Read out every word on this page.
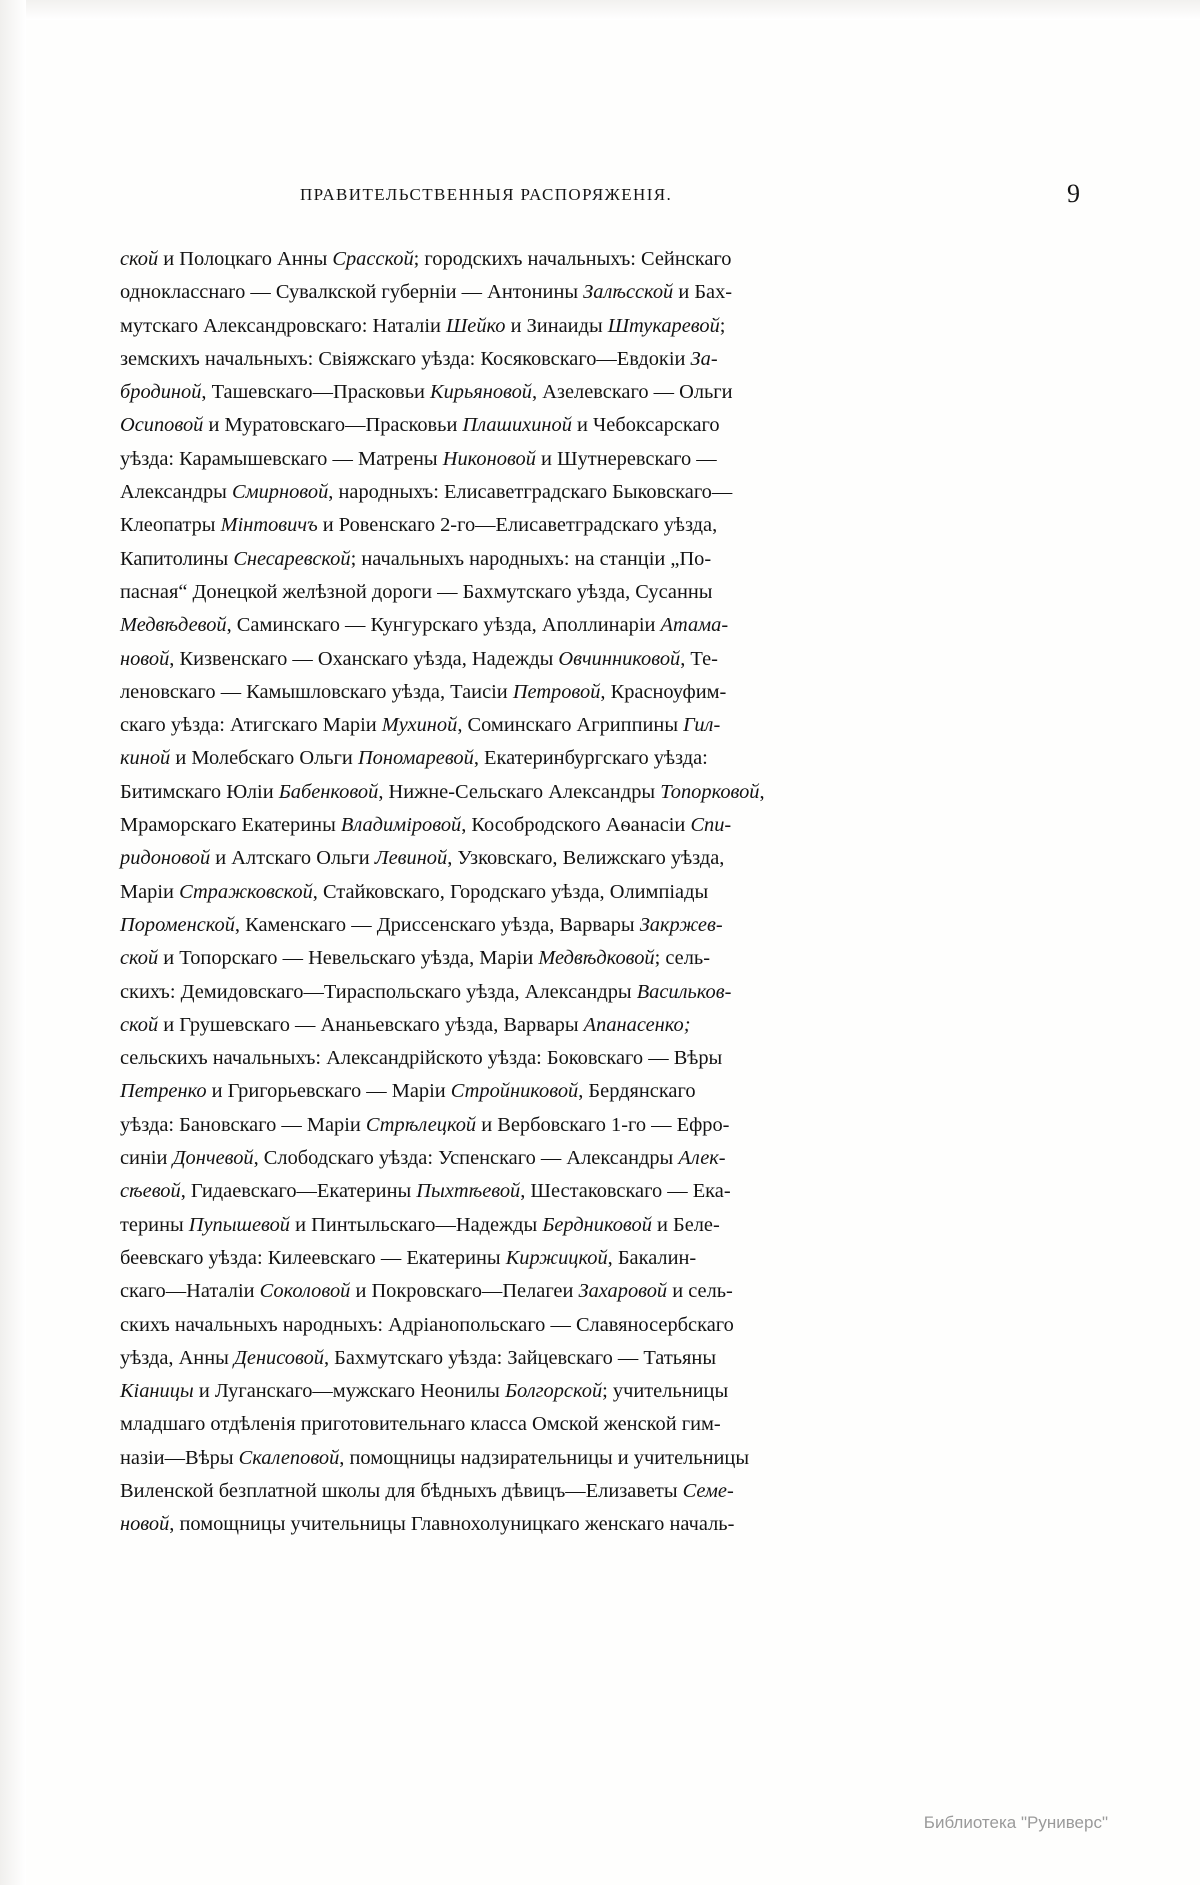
ПРАВИТЕЛЬСТВЕННЫЯ РАСПОРЯЖЕНІЯ.	9
ской и Полоцкаго Анны Срасской; городскихъ начальныхъ: Сейнскаго
одноклacснaro — Сувалкской губерніи — Антонины Залѣсской и Бах-
мутскаго Александровскаго: Наталіи Шейко и Зинаиды Штукаревой;
земскихъ начальныхъ: Свіяжскаго уѣзда: Косяковскаго—Евдокіи За-
бродиной, Ташевскаго—Прасковьи Кирьяновой, Азелевскаго — Ольги
Осиповой и Муратовскаго—Прасковьи Плашихиной и Чебоксарскаго
уѣзда: Карамышевскаго — Матрены Никоновой и Шутнеревскаго —
Александры Смирновой, народныхъ: Елисаветградскаго Быковскаго—
Клеопатры Мінтовичъ и Ровенскаго 2-го—Елисаветградскаго уѣзда,
Капитолины Снесаревской; начальныхъ народныхъ: на станціи „По-
пасная“ Донецкой желѣзной дороги — Бахмутскаго уѣзда, Сусанны
Медвѣдевой, Саминскаго — Кунгурскаго уѣзда, Аполлинаріи Атама-
новой, Кизвенскаго — Оханскаго уѣзда, Надежды Овчинниковой, Те-
леновскаго — Камышловскаго уѣзда, Таисіи Петровой, Красноуфим-
скаго уѣзда: Атигскаго Маріи Мухиной, Соминскаго Агриппины Гил-
киной и Молебскаго Ольги Пономаревой, Екатеринбургскаго уѣзда:
Битимскаго Юліи Бабенковой, Нижне-Сельскаго Александры Топорковой,
Мраморскаго Екатерины Владиміровой, Кособродского Аѳанасіи Спи-
ридоновой и Алтскаго Ольги Левиной, Узковскаго, Велижскаго уѣзда,
Маріи Стражковской, Стайковскаго, Городскаго уѣзда, Олимпіады
Пороменской, Каменскаго — Дриссенскаго уѣзда, Варвары Закржев-
ской и Топорскаго — Невельскаго уѣзда, Маріи Медвѣдковой; сель-
скихъ: Демидовскаго—Тираспольскаго уѣзда, Александры Васильков-
ской и Грушевскаго — Ананьевскаго уѣзда, Варвары Апанасенко;
сельскихъ начальныхъ: Александрійското уѣзда: Боковскаго — Вѣры
Петренко и Григорьевскаго — Маріи Стройниковой, Бердянскаго
уѣзда: Бановскаго — Маріи Стрѣлецкой и Вербовскаго 1-го — Ефро-
синіи Дончевой, Слободскаго уѣзда: Успенскаго — Александры Алек-
сѣевой, Гидаевскаго—Екатерины Пыхтѣевой, Шестаковскаго — Ека-
терины Пупышевой и Пинтыльскаго—Надежды Бердниковой и Беле-
беевскаго уѣзда: Килеевскаго — Екатерины Киржицкой, Бакалин-
скаго—Наталіи Соколовой и Покровскаго—Пелагеи Захаровой и сель-
скихъ начальныхъ народныхъ: Адріанопольскаго — Славяносербскаго
уѣзда, Анны Денисовой, Бахмутскаго уѣзда: Зайцевскаго — Татьяны
Кіаницы и Луганскаго—мужскаго Неонилы Болгорской; учительницы
младшаго отдѣленія приготовительнаго класса Омской женской гим-
назіи—Вѣры Скалеповой, помощницы надзирательницы и учительницы
Виленской безплатной школы для бѣдныхъ дѣвицъ—Елизаветы Семе-
новой, помощницы учительницы Главнохолуницкаго женскаго началь-
Библиотека "Руниверс"
